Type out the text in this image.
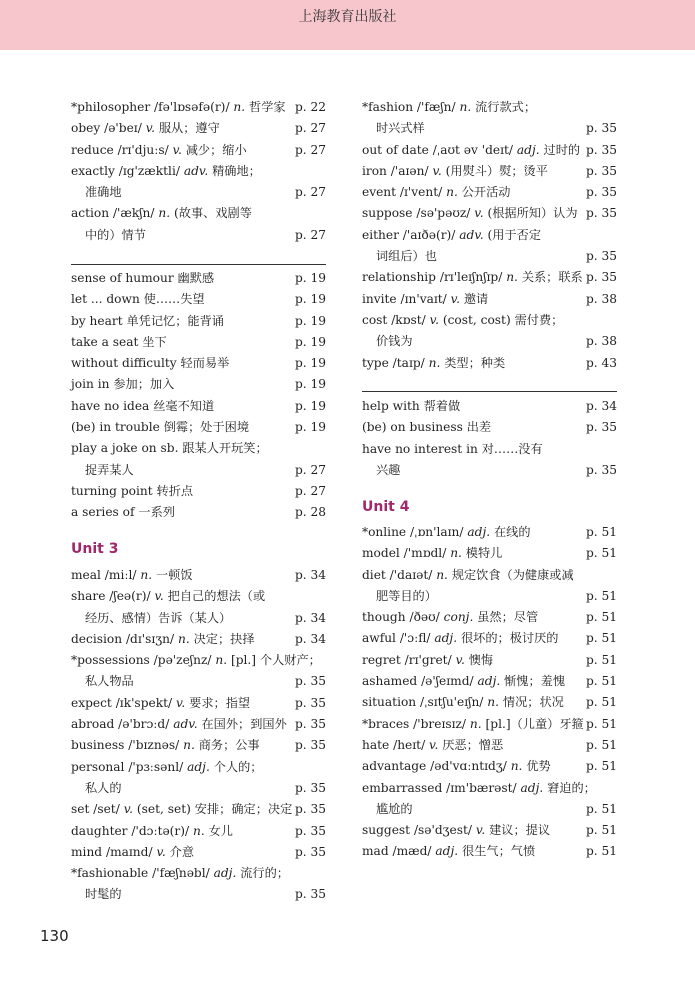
上海教育出版社
*philosopher /fə'lɒsəfə(r)/ n. 哲学家 p. 22
obey /ə'beɪ/ v. 服从；遵守	p. 27
reduce /rɪ'djuːs/ v. 减少；缩小	p. 27
exactly /ɪg'zæktli/ adv. 精确地；
准确地	p. 27
action /'ækʃn/ n. (故事、戏剧等
中的）情节	p. 27
sense of humour 幽默感	p. 19
let ... down 使……失望	p. 19
by heart 单凭记忆；能背诵	p. 19
take a seat 坐下	p. 19
without difficulty 轻而易举	p. 19
join in 参加；加入	p. 19
have no idea 丝毫不知道	p. 19
(be) in trouble 倒霉；处于困境	p. 19
play a joke on sb. 跟某人开玩笑；
捉弄某人	p. 27
turning point 转折点	p. 27
a series of 一系列	p. 28
Unit 3
meal /miːl/ n. 一顿饭	p. 34
share /ʃeə(r)/ v. 把自己的想法（或
经历、感情）告诉（某人）	p. 34
decision /dɪ'sɪʒn/ n. 决定；抉择	p. 34
*possessions /pə'zeʃnz/ n. [pl.] 个人财产；
私人物品	p. 35
expect /ɪk'spekt/ v. 要求；指望	p. 35
abroad /ə'brɔːd/ adv. 在国外；到国外 p. 35
business /'bɪznəs/ n. 商务；公事	p. 35
personal /'pɜːsənl/ adj. 个人的；
私人的	p. 35
set /set/ v. (set, set) 安排；确定；决定 p. 35
daughter /'dɔːtə(r)/ n. 女儿	p. 35
mind /maɪnd/ v. 介意	p. 35
*fashionable /'fæʃnəbl/ adj. 流行的；
时髦的	p. 35
*fashion /'fæʃn/ n. 流行款式；
时兴式样	p. 35
out of date /ˌaʊt əv 'deɪt/ adj. 过时的 p. 35
iron /'aɪən/ v. (用熨斗）熨；烫平	p. 35
event /ɪ'vent/ n. 公开活动	p. 35
suppose /sə'pəʊz/ v. (根据所知）认为 p. 35
either /'aɪðə(r)/ adv. (用于否定
词组后）也	p. 35
relationship /rɪ'leɪʃnʃɪp/ n. 关系；联系 p. 35
invite /ɪn'vaɪt/ v. 邀请	p. 38
cost /kɒst/ v. (cost, cost) 需付费；
价钱为	p. 38
type /taɪp/ n. 类型；种类	p. 43
help with 帮着做	p. 34
(be) on business 出差	p. 35
have no interest in 对……没有
兴趣	p. 35
Unit 4
*online /ˌɒn'laɪn/ adj. 在线的	p. 51
model /'mɒdl/ n. 模特儿	p. 51
diet /'daɪət/ n. 规定饮食（为健康或减
肥等目的）	p. 51
though /ðəʊ/ conj. 虽然；尽管	p. 51
awful /'ɔːfl/ adj. 很坏的；极讨厌的 p. 51
regret /rɪ'gret/ v. 懊悔	p. 51
ashamed /ə'ʃeɪmd/ adj. 惭愧；羞愧 p. 51
situation /ˌsɪtʃu'eɪʃn/ n. 情况；状况 p. 51
*braces /'breɪsɪz/ n. [pl.]（儿童）牙箍 p. 51
hate /heɪt/ v. 厌恶；憎恶	p. 51
advantage /əd'vɑːntɪdʒ/ n. 优势	p. 51
embarrassed /ɪm'bærəst/ adj. 窘迫的；
尴尬的	p. 51
suggest /sə'dʒest/ v. 建议；提议	p. 51
mad /mæd/ adj. 很生气；气愤	p. 51
130
